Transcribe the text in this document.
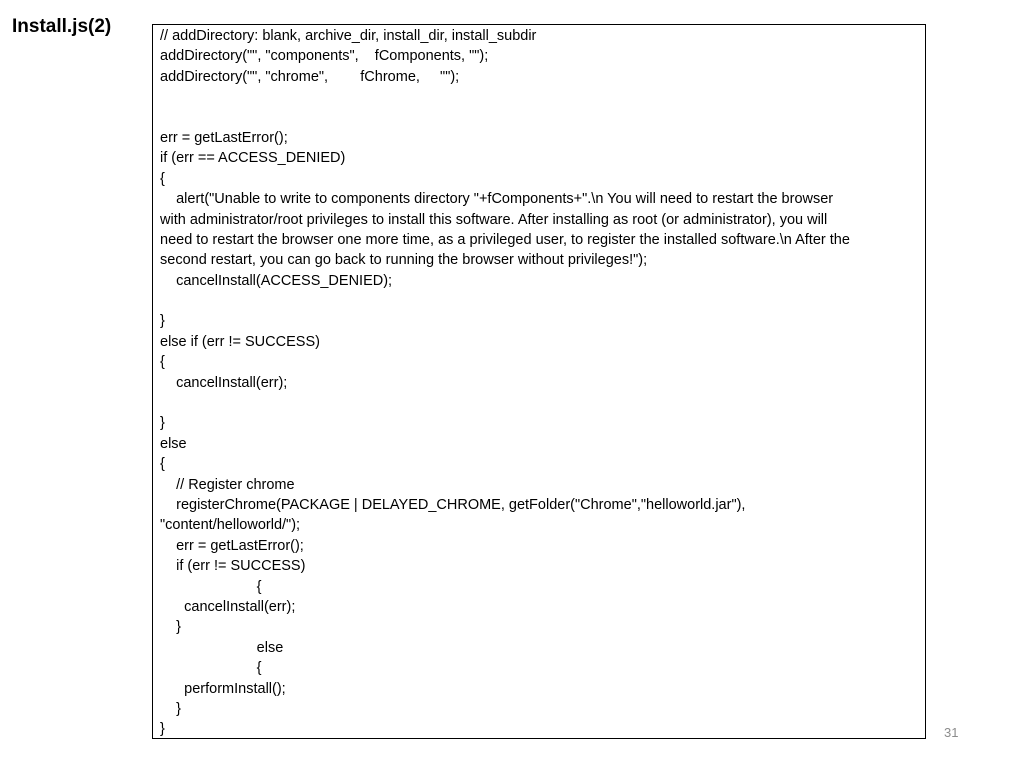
Install.js(2)	// addDirectory: blank, archive_dir, install_dir, install_subdir
addDirectory("", "components",    fComponents, "");
addDirectory("", "chrome",        fChrome,     "");
err = getLastError();
if (err == ACCESS_DENIED)
{
alert("Unable to write to components directory "+fComponents+".\n You will need to restart the browser
with administrator/root privileges to install this software. After installing as root (or administrator), you will
need to restart the browser one more time, as a privileged user, to register the installed software.\n After the
second restart, you can go back to running the browser without privileges!");
cancelInstall(ACCESS_DENIED);
}
else if (err != SUCCESS)
{
cancelInstall(err);
}
else
{
// Register chrome
registerChrome(PACKAGE | DELAYED_CHROME, getFolder("Chrome","helloworld.jar"),
"content/helloworld/");
err = getLastError();
if (err != SUCCESS)
{
cancelInstall(err);
}
else
{
performInstall();
}
}	31
